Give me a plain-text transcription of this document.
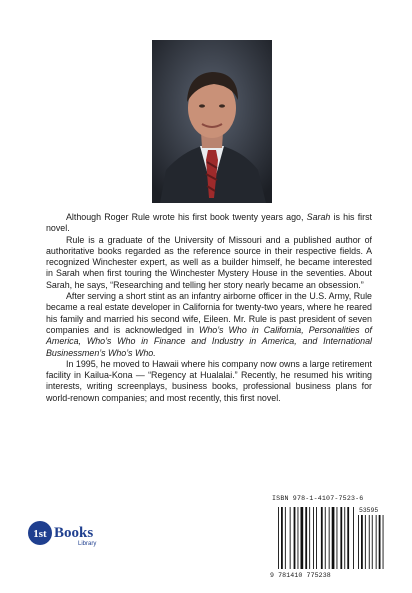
Although Roger Rule wrote his first book twenty years ago, Sarah is his first novel.

Rule is a graduate of the University of Missouri and a published author of authoritative books regarded as the reference source in their respective fields. A recognized Winchester expert, as well as a builder himself, he became interested in Sarah when first touring the Winchester Mystery House in the seventies. About Sarah, he says, “Researching and telling her story nearly became an obsession.”

After serving a short stint as an infantry airborne officer in the U.S. Army, Rule became a real estate developer in California for twenty-two years, where he reared his family and married his second wife, Eileen. Mr. Rule is past president of seven companies and is acknowledged in Who’s Who in California, Personalities of America, Who’s Who in Finance and Industry in America, and International Businessmen’s Who’s Who.

In 1995, he moved to Hawaii where his company now owns a large retirement facility in Kailua-Kona — “Regency at Hualalai.” Recently, he resumed his writing interests, writing screenplays, business books, professional business plans for world-renown companies; and most recently, this first novel.

1st Books
Library
ISBN 978-1-4107-7523-6
53595
9 781410 775238
